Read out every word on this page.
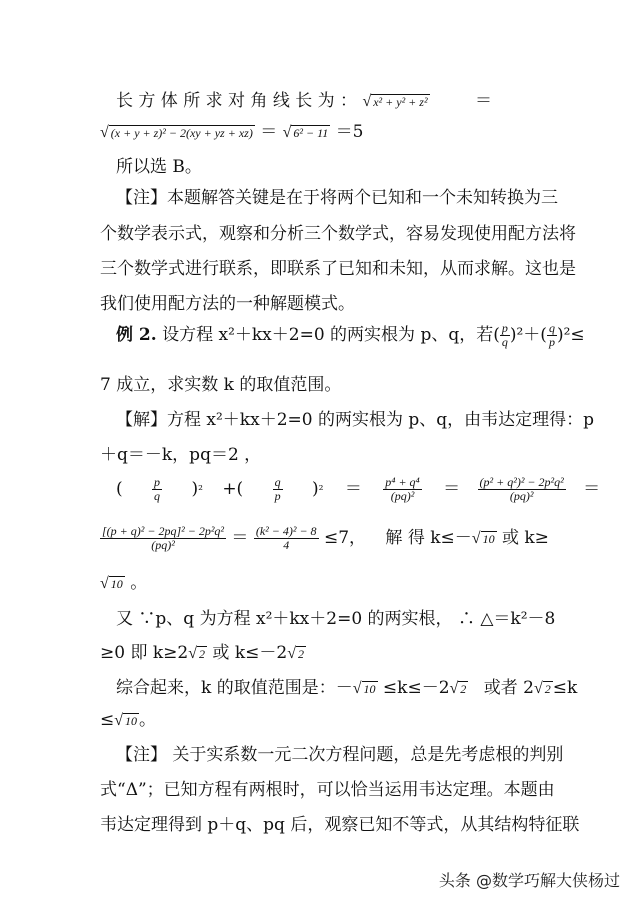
长 方 体 所 求 对 角 线 长 为 ： √ x² + y² + z²	＝
√ (x + y + z)² − 2(xy + yz + xz) ＝ √ 6² − 11 ＝5
所以选 B。
【注】本题解答关键是在于将两个已知和一个未知转换为三
个数学表示式，观察和分析三个数学式，容易发现使用配方法将
三个数学式进行联系，即联系了已知和未知，从而求解。这也是
我们使用配方法的一种解题模式。
例 2. 设方程 x²＋kx＋2=0 的两实根为 p、q，若( $\frac{p}{q} )^2+( \frac{q}{p} )^2\le$
7 成立，求实数 k 的取值范围。
【解】方程 x²＋kx＋2=0 的两实根为 p、q，由韦达定理得：p
＋q＝－k，pq＝2 ，
( $\frac{p}{q} )^2$ +( $\frac{q}{p} )^2 = \frac{\text{p⁴ + q⁴}}{\text{(pq)²}} = \frac{\text{(p² + q²)² − 2p²q²}}{\text{(pq)²}}$ ＝
$\frac{\text{[(p + q)² − 2pq]² − 2p²q²}}{\text{(pq)²}} = \frac{\text{(k² − 4)² − 8}}{4} \le 7$， 解 得 k≤－√ 10 或 k≥
√ 10 。
又 ∵p、q 为方程 x²＋kx＋2=0 的两实根， ∴ △＝k²－8
≥0 即 k≥2√ 2 或 k≤－2√ 2
综合起来，k 的取值范围是：－√ 10 ≤k≤－2√ 2 或者 2√ 2 ≤k
≤√ 10 。
【注】 关于实系数一元二次方程问题，总是先考虑根的判别
式“Δ”；已知方程有两根时，可以恰当运用韦达定理。本题由
韦达定理得到 p＋q、pq 后，观察已知不等式，从其结构特征联
头条 @数学巧解大侠杨过
